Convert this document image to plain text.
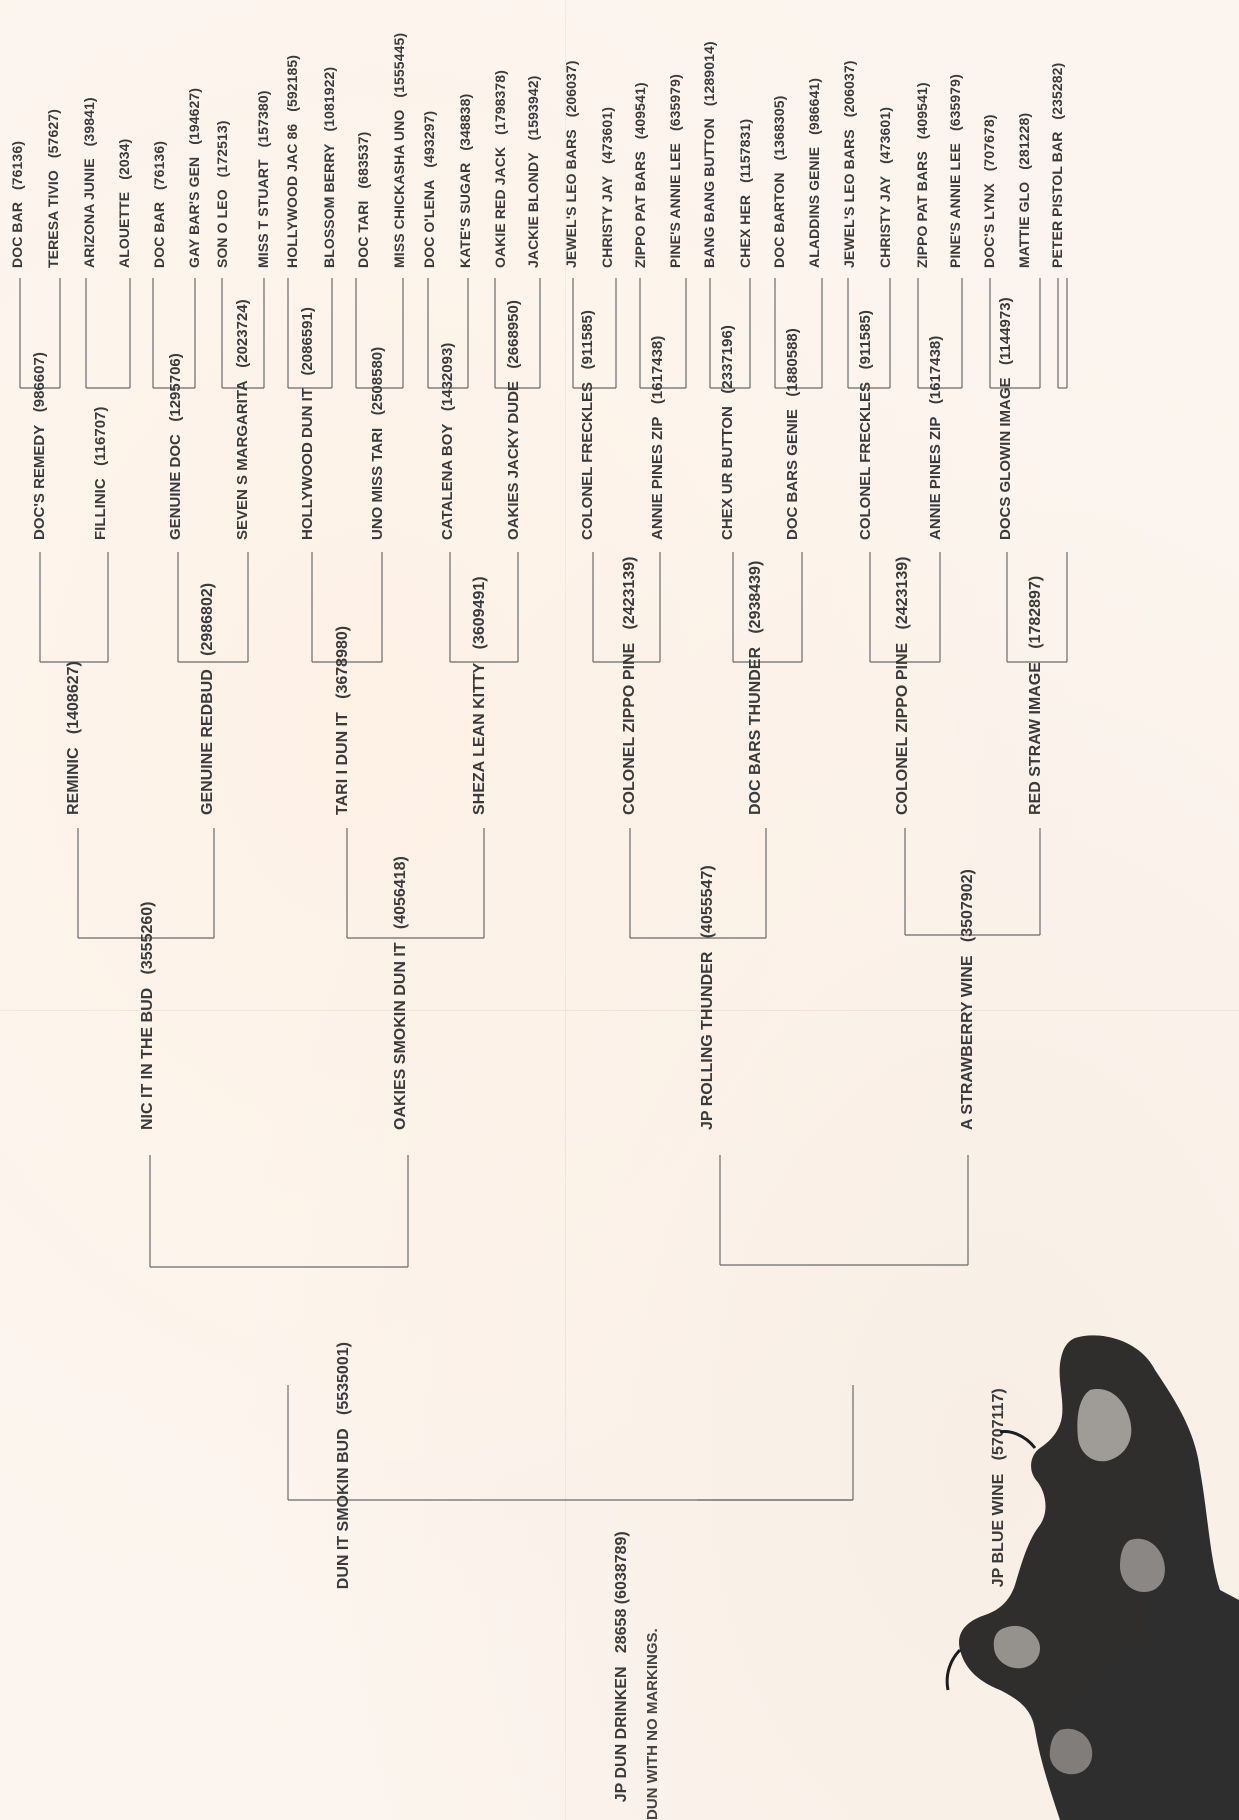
JP DUN DRINKEN   28658 (6038789)

DUN WITH NO MARKINGS.

DUN IT SMOKIN BUD   (5535001)

JP BLUE WINE   (5707117)

NIC IT IN THE BUD   (3555260)
OAKIES SMOKIN DUN IT   (4056418)
JP ROLLING THUNDER   (4055547)
A STRAWBERRY WINE   (3507902)
REMINIC   (1408627)	GENUINE REDBUD   (2986802)
TARI I DUN IT   (3678980)
SHEZA LEAN KITTY   (3609491)
COLONEL ZIPPO PINE   (2423139)
DOC BARS THUNDER   (2938439)
COLONEL ZIPPO PINE   (2423139)
RED STRAW IMAGE   (1782897)
DOC'S REMEDY   (986607)
FILLINIC   (116707)	GENUINE DOC   (1295706)	SEVEN S MARGARITA   (2023724)
HOLLYWOOD DUN IT   (2086591)
UNO MISS TARI   (2508580)
CATALENA BOY   (1432093)
OAKIES JACKY DUDE   (2668950)
COLONEL FRECKLES   (911585)
ANNIE PINES ZIP   (1617438)
CHEX UR BUTTON   (2337196)
DOC BARS GENIE   (1880588)
COLONEL FRECKLES   (911585)
ANNIE PINES ZIP   (1617438)
DOCS GLOWIN IMAGE   (1144973)
DOC BAR   (76136)
TERESA TIVIO   (57627)
ARIZONA JUNIE   (39841)
ALOUETTE   (2034)
DOC BAR   (76136) GAY BAR'S GEN   (194627)
SON O LEO   (172513)
MISS T STUART   (157380)
HOLLYWOOD JAC 86   (592185)
BLOSSOM BERRY   (1081922)
DOC TARI   (683537) MISS CHICKASHA UNO   (1555445)
DOC O'LENA   (493297)
KATE'S SUGAR   (348838)
OAKIE RED JACK   (1798378)
JACKIE BLONDY   (1593942)
JEWEL'S LEO BARS   (206037)
CHRISTY JAY   (473601)
ZIPPO PAT BARS   (409541)
PINE'S ANNIE LEE   (635979)
BANG BANG BUTTON   (1289014)
CHEX HER   (1157831)
DOC BARTON   (1368305)
ALADDINS GENIE   (986641)
JEWEL'S LEO BARS   (206037)
CHRISTY JAY   (473601)
ZIPPO PAT BARS   (409541)
PINE'S ANNIE LEE   (635979)
DOC'S LYNX   (707678)
MATTIE GLO   (281228) PETER PISTOL BAR   (235282)
